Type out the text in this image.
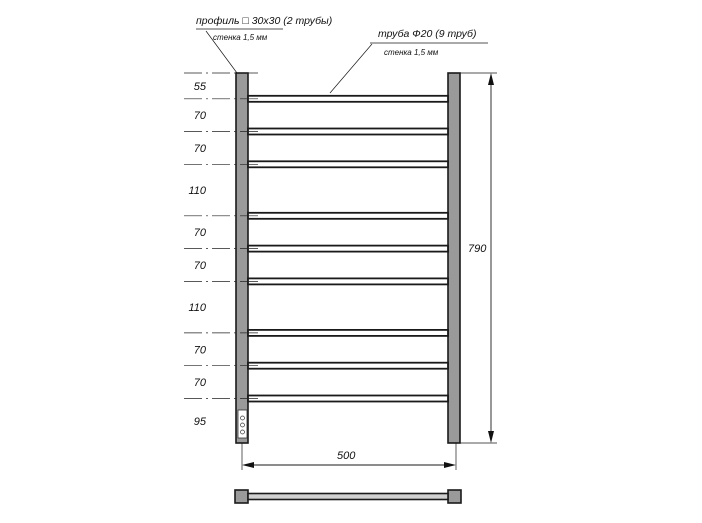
профиль □ 30х30 (2 трубы)
стенка 1,5 мм	труба Ф20 (9 труб)
стенка 1,5 мм
55
70
70
110
70
70
110
70
70
95
790
500
